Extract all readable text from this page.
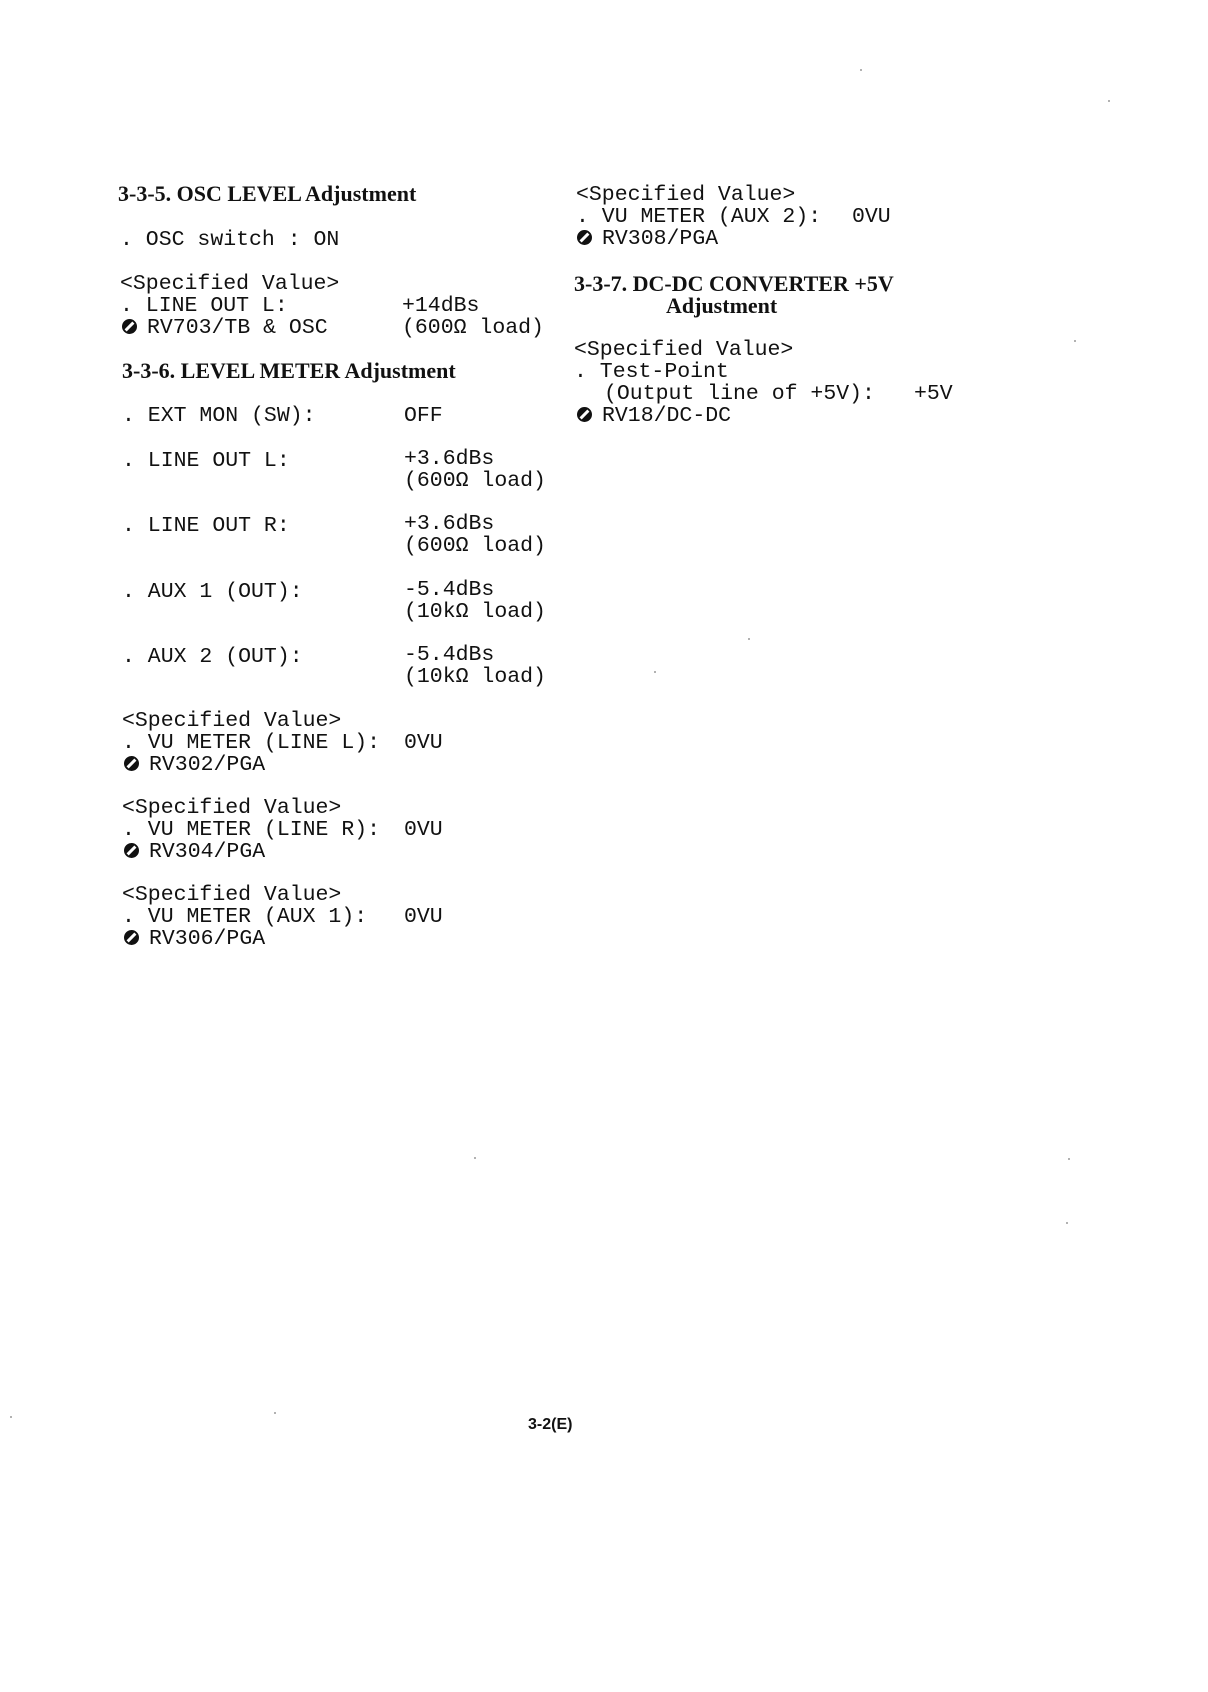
3-3-5. OSC LEVEL Adjustment
. OSC switch : ON
<Specified Value>
. LINE OUT L:	+14dBs
RV703/TB & OSC	(600Ω load)
3-3-6. LEVEL METER Adjustment
. EXT MON (SW):	OFF
. LINE OUT L:	+3.6dBs
(600Ω load)
. LINE OUT R:	+3.6dBs
(600Ω load)
. AUX 1 (OUT):	-5.4dBs
(10kΩ load)
. AUX 2 (OUT):	-5.4dBs
(10kΩ load)
<Specified Value>
. VU METER (LINE L): 0VU
RV302/PGA
<Specified Value>
. VU METER (LINE R): 0VU
RV304/PGA
<Specified Value>
. VU METER (AUX 1): 0VU
RV306/PGA
<Specified Value>
. VU METER (AUX 2): 0VU
RV308/PGA
3-3-7. DC-DC CONVERTER +5V
Adjustment
<Specified Value>
. Test-Point
(Output line of +5V): +5V
RV18/DC-DC
3-2(E)
